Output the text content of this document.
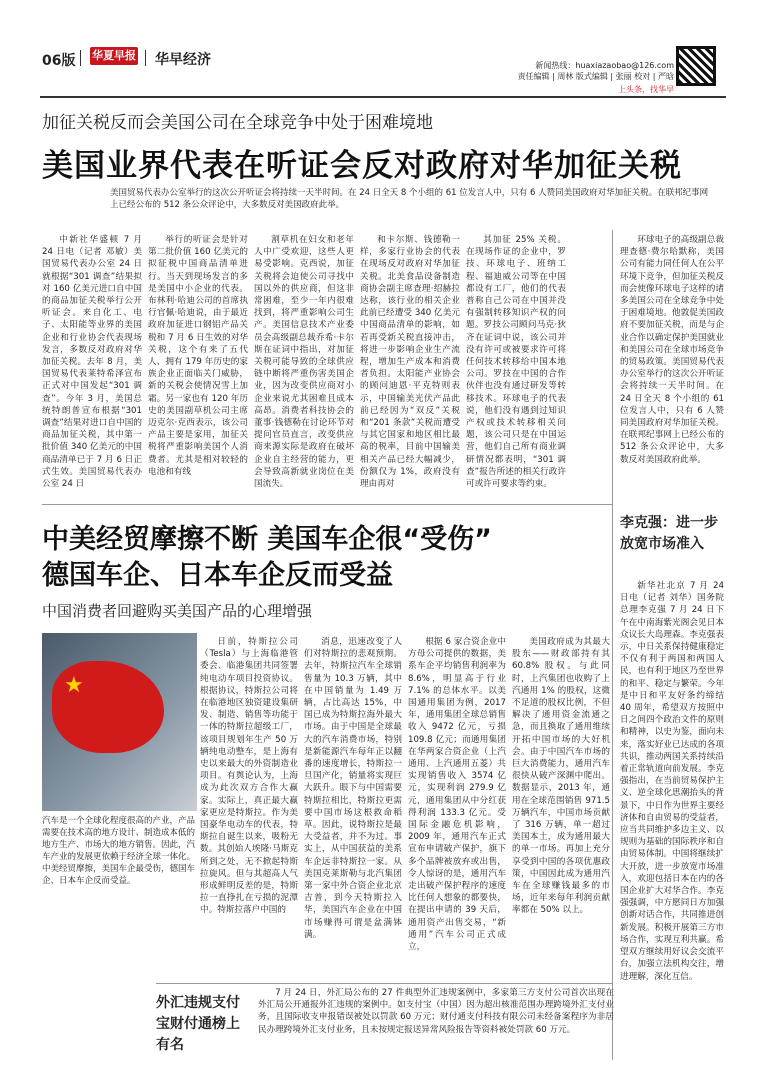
06版 华夏早报 华早经济	新闻热线：huaxiazaobao@126.com
责任编辑 | 周林 版式编辑 | 张丽 校对 | 严晗
上头条，找华早
加征关税反而会美国公司在全球竞争中处于困难境地
美国业界代表在听证会反对政府对华加征关税
美国贸易代表办公室举行的这次公开听证会将持续一天半时间。在 24 日全天 8 个小组的 61 位发言人中，只有 6 人赞同美国政府对华加征关税。在联邦纪事网上已经公布的 512 条公众评论中，大多数反对美国政府此举。
中新社华盛顿 7 月 24 日电（记者 邓敏）美国贸易代表办公室 24 日就根据“301 调查”结果拟对 160 亿美元进口自中国的商品加征关税举行公开听证会。来自化工、电子、太阳能等业界的美国企业和行业协会代表现场发言，多数反对政府对华加征关税。去年 8 月，美国贸易代表莱特希泽宣布正式对中国发起“301 调查”。今年 3 月，美国总统特朗普宣布根据“301 调查”结果对进口自中国的商品加征关税，其中第一批价值 340 亿美元的中国商品清单已于 7 月 6 日正式生效。美国贸易代表办公室 24 日
举行的听证会是针对第二批价值 160 亿美元的拟征税中国商品清单进行。当天到现场发言的多是美国中小企业的代表。布林利·哈迪公司的首席执行官佩·哈迪说，由于最近政府加征进口钢铝产品关税和 7 月 6 日生效的对华关税，这个有来了五代人、拥有 179 年历史的家族企业正面临关门威胁，新的关税会使情况雪上加霜。另一家也有 120 年历史的美国副草机公司主席迈克尔·克西表示，该公司产品主要是家用，加征关税将严重影响美国个人消费者。尤其是相对较轻的电池和有线
割草机在妇女和老年人中广受欢迎，这些人更易受影响。克西说，加征关税将会迫使公司寻找中国以外的供应商，但这非常困难，至少一年内很难找到，将严重影响公司生产。美国信息技术产业委员会高级副总裁乔希·卡尔斯在证词中指出，对加征关税可能导致的全球供应链中断将严重伤害美国企业，因为改变供应商对小企业来说尤其困难且成本高昂。消费者科技协会的董事·钱德勒在讨论环节对提问官员直言，改变供应商来源实际是政府在破坏企业自主经营的能力，更会导致高新就业岗位在美国流失。
和卡尔斯、钱德勒一样，多家行业协会的代表在现场反对政府对华加征关税。北美食品设备制造商协会副主席查理·绍赫拉达称，该行业的相关企业此前已经遭受 340 亿美元中国商品清单的影响，如若再受新关税直接冲击，将进一步影响企业生产流程，增加生产成本和消费者负担。太阳能产业协会的顾问迪恩·平克特则表示，中国输美光伏产品此前已经因为“双反”关税和“201 条款”关税而遭受与其它国家和地区相比最高的税率，目前中国输美相关产品已经大幅减少，份额仅为 1%，政府没有理由再对
其加征 25% 关税。在现场作证的企业中，罗技、环球电子、班纳工程、福迪威公司等在中国都设有工厂，他们的代表普称自己公司在中国并没有强制转移知识产权的问题。罗技公司顾问马克·狄齐在证词中说，该公司并没有许可或被要求许可将任何技术转移给中国本地公司。罗技在中国的合作伙伴也没有通过研发等转移技术。环球电子的代表说，他们没有遇到过知识产权或技术转移相关问题，该公司只是在中国运营，他们自己所有商业调研情况都表明，“301 调查”报告所述的相关行政许可或许可要求等约束。
环球电子的高级副总裁理查德·费尔哈默称，美国公司有能力同任何人在公平环境下竞争，但加征关税反而会使像环球电子这样的诸多美国公司在全球竞争中处于困难境地。他敦促美国政府不要加征关税，而是与企业合作以确定保护美国就业和美国公司在全球市场竞争的贸易政策。美国贸易代表办公室举行的这次公开听证会将持续一天半时间。在 24 日全天 8 个小组的 61 位发言人中，只有 6 人赞同美国政府对华加征关税。在联邦纪事网上已经公布的 512 条公众评论中，大多数反对美国政府此举。
中美经贸摩擦不断 美国车企很“受伤”
德国车企、日本车企反而受益
中国消费者回避购买美国产品的心理增强
★
汽车是一个全球化程度很高的产业，产品需要在技术高的地方设计、制造成本低的地方生产、市场大的地方销售。因此，汽车产业的发展更依赖于经济全球一体化。中美经贸摩擦，美国车企最受伤，德国车企、日本车企反而受益。
日前，特斯拉公司（Tesla）与上海临港管委会、临港集团共同签署纯电动车项目投资协议。根据协议，特斯拉公司将在临港地区独资建设集研发、制造、销售等功能于一体的特斯拉超级工厂，该项目规划年生产 50 万辆纯电动整车，是上海有史以来最大的外资制造业项目。有舆论认为，上海成为此次双方合作大赢家。实际上，真正最大赢家更应是特斯拉。作为美国豪华电动车的代表，特斯拉自诞生以来，吸粉无数。其创始人埃隆·马斯克所到之处，无不掀起特斯拉旋风。但与其超高人气形成鲜明反差的是，特斯拉一直挣扎在亏损的泥潭中。特斯拉落户中国的
消息，迅速改变了人们对特斯拉的悲观预期。去年，特斯拉汽车全球销售量为 10.3 万辆，其中在中国销量为 1.49 万辆，占比高达 15%，中国已成为特斯拉海外最大市场。由于中国是全球最大的汽车消费市场，特别是新能源汽车每年正以翻番的速度增长，特斯拉一旦国产化，销量将实现巨大跃升。眼下与中国需要特斯拉相比，特斯拉更需要中国市场这根救命稻草。因此，说特斯拉是最大受益者，并不为过。事实上，从中国获益的美系车企远非特斯拉一家。从美国克莱斯勒与北汽集团第一家中外合资企业北京吉普，到今天特斯拉入华，美国汽车企业在中国市场赚得可谓是盆满钵满。
根据 6 家合资企业中方母公司提供的数据，美系车企平均销售利润率为 8.6%，明显高于行业 7.1% 的总体水平。以美国通用集团为例，2017 年，通用集团全球总销售收入 9472 亿元，亏损 109.8 亿元；而通用集团在华两家合资企业（上汽通用、上汽通用五菱）共实现销售收入 3574 亿元，实现利润 279.9 亿元，通用集团从中分红获得利润 133.3 亿元。受国际金融危机影响，2009 年，通用汽车正式宣布申请破产保护，旗下多个品牌被放弃或出售，令人惊讶的是，通用汽车走出破产保护程序的速度比任何人想象的都要快，在提出申请的 39 天后，通用资产出售交易，“新通用”汽车公司正式成立，
美国政府成为其最大股东——财政部持有其 60.8% 股权。与此同时，上汽集团也收购了上汽通用 1% 的股权，这微不足道的股权比例，不但解决了通用资金流通之急，而且换取了通用维续开拓中国市场的大好机会。由于中国汽车市场的巨大消费能力，通用汽车很快从破产深渊中爬出。数据显示，2013 年，通用在全球范围销售 971.5 万辆汽车，中国市场贡献了 316 万辆，单一超过美国本土，成为通用最大的单一市场。再加上充分享受到中国的各项优惠政策，中国因此成为通用汽车在全球赚钱最多的市场，近年来每年利润贡献率都在 50% 以上。
李克强：进一步放宽市场准入
新华社北京 7 月 24 日电（记者 刘华）国务院总理李克强 7 月 24 日下午在中南海紫光阁会见日本众议长大岛理森。李克强表示，中日关系保持健康稳定不仅有利于两国和两国人民，也有利于地区乃至世界的和平、稳定与繁荣。今年是中日和平友好条约缔结 40 周年，希望双方按照中日之间四个政治文件的原则和精神，以史为鉴，面向未来，落实好业已达成的各项共识，推动两国关系持续沿着正常轨道向前发展。李克强指出，在当前贸易保护主义、逆全球化思潮抬头的背景下，中日作为世界主要经济体和自由贸易的受益者，应当共同维护多边主义、以规则为基础的国际秩序和自由贸易体制。中国将继续扩大开放，进一步放宽市场准入，欢迎包括日本在内的各国企业扩大对华合作。李克强强调，中方愿同日方加强创新对话合作，共同推进创新发展。积极开展第三方市场合作，实现互利共赢。希望双方继续用好议会交流平台，加强立法机构交往，增进理解，深化互信。
外汇违规支付宝财付通榜上有名
7 月 24 日，外汇局公布的 27 件典型外汇违规案例中，多家第三方支付公司首次出现在外汇局公开通报外汇违规的案例中。如支付宝（中国）因为超出核准范围办理跨境外汇支付业务，且国际收支申报错误被处以罚款 60 万元；财付通支付科技有限公司未经备案程序为非居民办理跨境外汇支付业务，且未按规定报送异常风险报告等资料被处罚款 60 万元。
